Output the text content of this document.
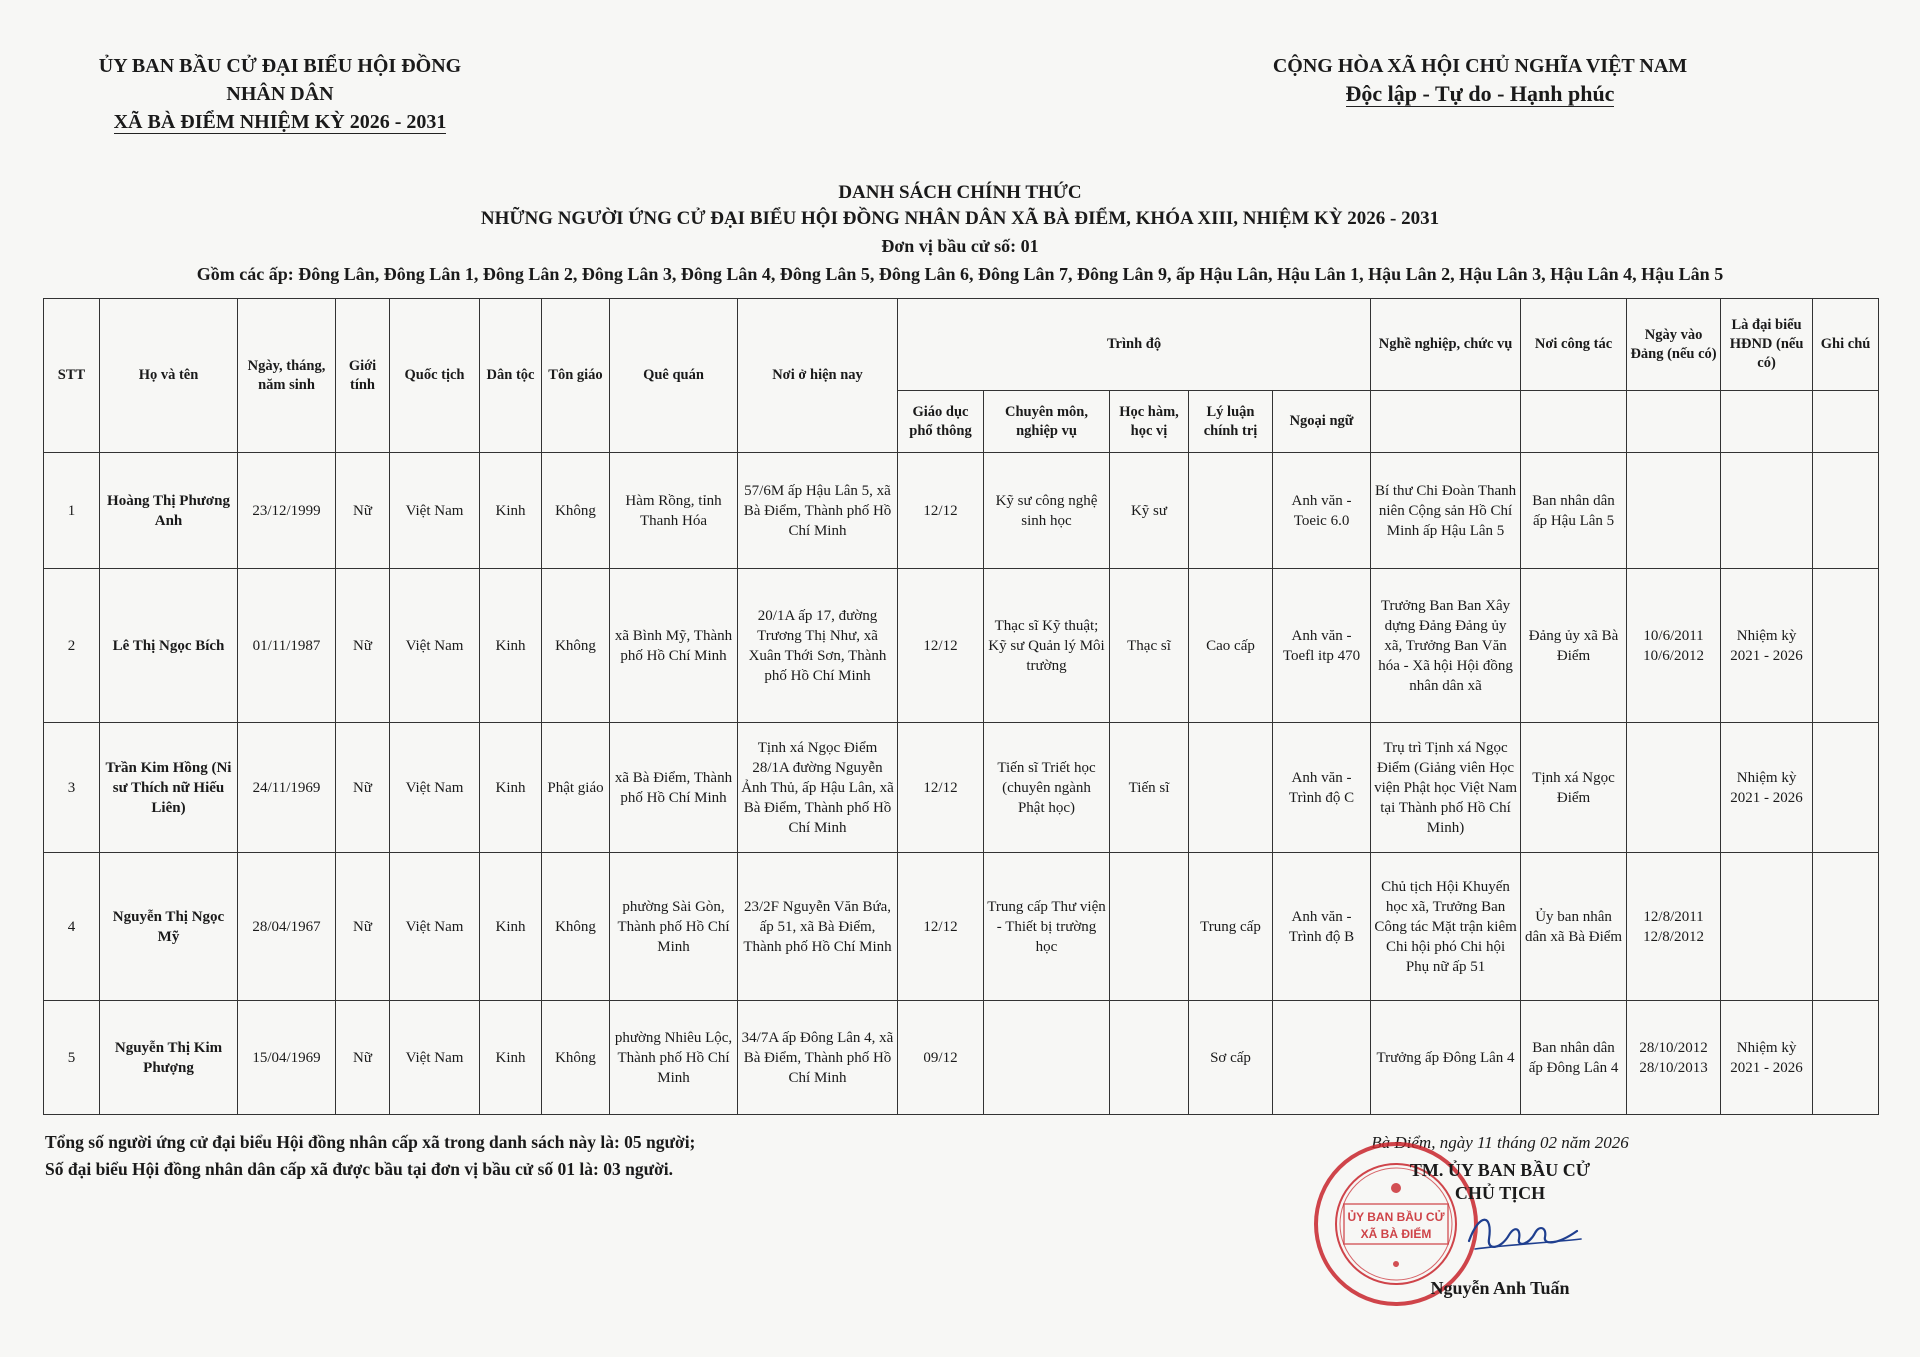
ỦY BAN BẦU CỬ ĐẠI BIỂU HỘI ĐỒNG NHÂN DÂN
XÃ BÀ ĐIỂM NHIỆM KỲ 2026 - 2031
CỘNG HÒA XÃ HỘI CHỦ NGHĨA VIỆT NAM
Độc lập - Tự do - Hạnh phúc
DANH SÁCH CHÍNH THỨC
NHỮNG NGƯỜI ỨNG CỬ ĐẠI BIỂU HỘI ĐỒNG NHÂN DÂN XÃ BÀ ĐIỂM, KHÓA XIII, NHIỆM KỲ 2026 - 2031
Đơn vị bầu cử số: 01
Gồm các ấp: Đông Lân, Đông Lân 1, Đông Lân 2, Đông Lân 3, Đông Lân 4, Đông Lân 5, Đông Lân 6, Đông Lân 7, Đông Lân 9, ấp Hậu Lân, Hậu Lân 1, Hậu Lân 2, Hậu Lân 3, Hậu Lân 4, Hậu Lân 5
STT	Họ và tên	Ngày, tháng, năm sinh	Giới tính	Quốc tịch	Dân tộc	Tôn giáo	Quê quán	Nơi ở hiện nay	Trình độ					Nghề nghiệp, chức vụ	Nơi công tác	Ngày vào Đảng (nếu có)	Là đại biểu HĐND (nếu có)	Ghi chú
									Giáo dục phổ thông	Chuyên môn, nghiệp vụ	Học hàm, học vị	Lý luận chính trị	Ngoại ngữ					
1	Hoàng Thị Phương Anh	23/12/1999	Nữ	Việt Nam	Kinh	Không	Hàm Rồng, tỉnh Thanh Hóa	57/6M ấp Hậu Lân 5, xã Bà Điểm, Thành phố Hồ Chí Minh	12/12	Kỹ sư công nghệ sinh học	Kỹ sư		Anh văn - Toeic 6.0	Bí thư Chi Đoàn Thanh niên Cộng sản Hồ Chí Minh ấp Hậu Lân 5	Ban nhân dân ấp Hậu Lân 5			
2	Lê Thị Ngọc Bích	01/11/1987	Nữ	Việt Nam	Kinh	Không	xã Bình Mỹ, Thành phố Hồ Chí Minh	20/1A ấp 17, đường Trương Thị Như, xã Xuân Thới Sơn, Thành phố Hồ Chí Minh	12/12	Thạc sĩ Kỹ thuật; Kỹ sư Quản lý Môi trường	Thạc sĩ	Cao cấp	Anh văn - Toefl itp 470	Trưởng Ban Ban Xây dựng Đảng Đảng ủy xã, Trưởng Ban Văn hóa - Xã hội Hội đồng nhân dân xã	Đảng ủy xã Bà Điểm	10/6/2011 10/6/2012	Nhiệm kỳ 2021 - 2026	
3	Trần Kim Hồng (Ni sư Thích nữ Hiếu Liên)	24/11/1969	Nữ	Việt Nam	Kinh	Phật giáo	xã Bà Điểm, Thành phố Hồ Chí Minh	Tịnh xá Ngọc Điểm 28/1A đường Nguyễn Ảnh Thủ, ấp Hậu Lân, xã Bà Điểm, Thành phố Hồ Chí Minh	12/12	Tiến sĩ Triết học (chuyên ngành Phật học)	Tiến sĩ		Anh văn - Trình độ C	Trụ trì Tịnh xá Ngọc Điểm (Giảng viên Học viện Phật học Việt Nam tại Thành phố Hồ Chí Minh)	Tịnh xá Ngọc Điểm		Nhiệm kỳ 2021 - 2026	
4	Nguyễn Thị Ngọc Mỹ	28/04/1967	Nữ	Việt Nam	Kinh	Không	phường Sài Gòn, Thành phố Hồ Chí Minh	23/2F Nguyễn Văn Bứa, ấp 51, xã Bà Điểm, Thành phố Hồ Chí Minh	12/12	Trung cấp Thư viện - Thiết bị trường học		Trung cấp	Anh văn - Trình độ B	Chủ tịch Hội Khuyến học xã, Trưởng Ban Công tác Mặt trận kiêm Chi hội phó Chi hội Phụ nữ ấp 51	Ủy ban nhân dân xã Bà Điểm	12/8/2011 12/8/2012		
5	Nguyễn Thị Kim Phượng	15/04/1969	Nữ	Việt Nam	Kinh	Không	phường Nhiêu Lộc, Thành phố Hồ Chí Minh	34/7A ấp Đông Lân 4, xã Bà Điểm, Thành phố Hồ Chí Minh	09/12			Sơ cấp		Trưởng ấp Đông Lân 4	Ban nhân dân ấp Đông Lân 4	28/10/2012 28/10/2013	Nhiệm kỳ 2021 - 2026	
Tổng số người ứng cử đại biểu Hội đồng nhân cấp xã trong danh sách này là: 05 người;
Số đại biểu Hội đồng nhân dân cấp xã được bầu tại đơn vị bầu cử số 01 là: 03 người.
Bà Điểm, ngày 11 tháng 02 năm 2026
ỦY BAN BẦU CỬ
XÃ BÀ ĐIỂM
TM. ỦY BAN BẦU CỬ
CHỦ TỊCH
Nguyễn Anh Tuấn
